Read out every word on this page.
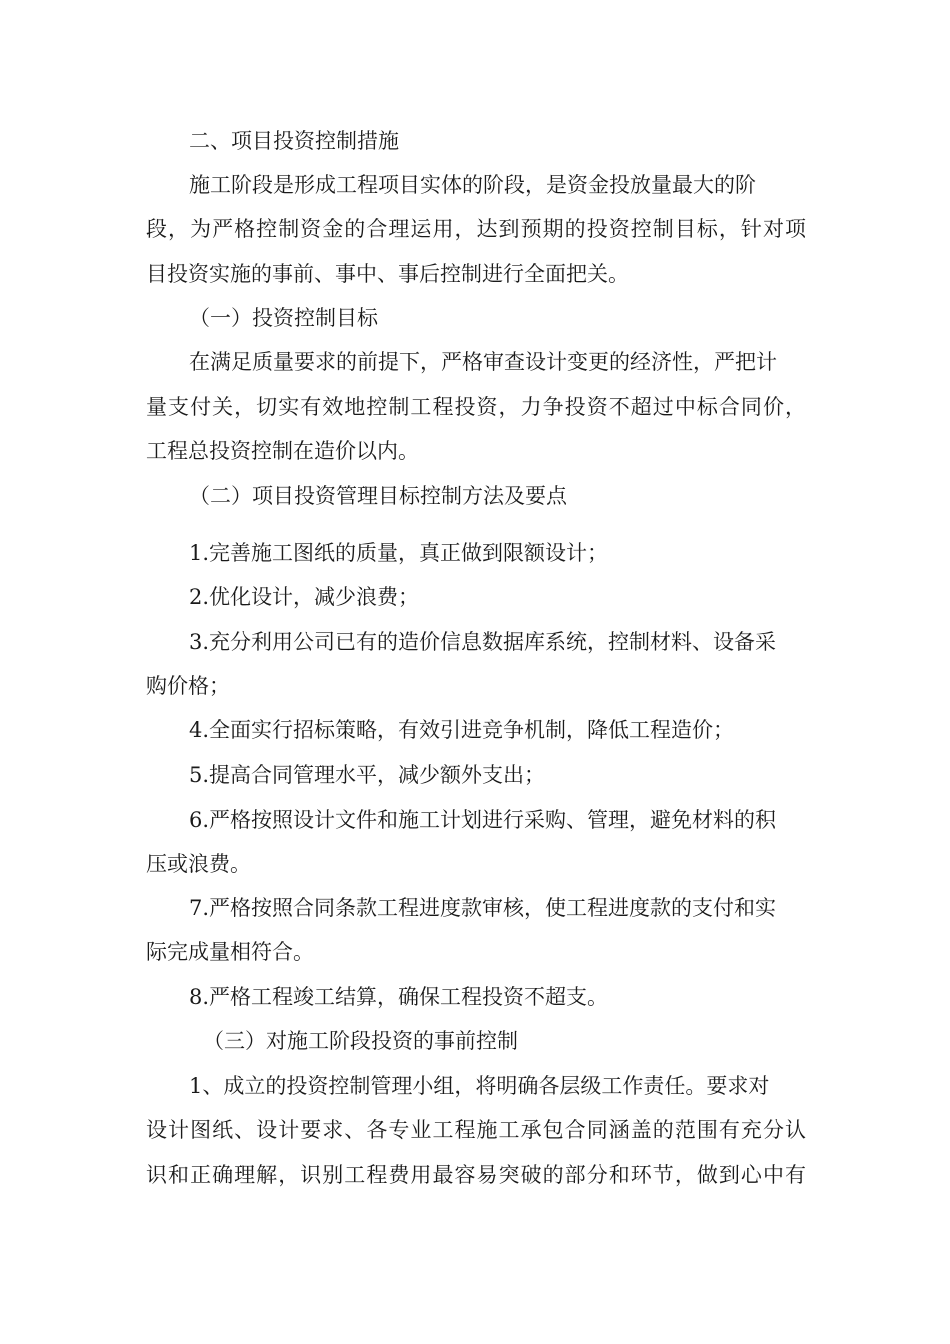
二、项目投资控制措施

施工阶段是形成工程项目实体的阶段，是资金投放量最大的阶

段，为严格控制资金的合理运用，达到预期的投资控制目标，针对项

目投资实施的事前、事中、事后控制进行全面把关。

（一）投资控制目标

在满足质量要求的前提下，严格审查设计变更的经济性，严把计

量支付关，切实有效地控制工程投资，力争投资不超过中标合同价，

工程总投资控制在造价以内。

（二）项目投资管理目标控制方法及要点

1.完善施工图纸的质量，真正做到限额设计；

2.优化设计，减少浪费；

3.充分利用公司已有的造价信息数据库系统，控制材料、设备采

购价格；

4.全面实行招标策略，有效引进竞争机制，降低工程造价；

5.提高合同管理水平，减少额外支出；

6.严格按照设计文件和施工计划进行采购、管理，避免材料的积

压或浪费。

7.严格按照合同条款工程进度款审核，使工程进度款的支付和实

际完成量相符合。

8.严格工程竣工结算，确保工程投资不超支。

（三）对施工阶段投资的事前控制

1、成立的投资控制管理小组，将明确各层级工作责任。要求对

设计图纸、设计要求、各专业工程施工承包合同涵盖的范围有充分认

识和正确理解，识别工程费用最容易突破的部分和环节，做到心中有
